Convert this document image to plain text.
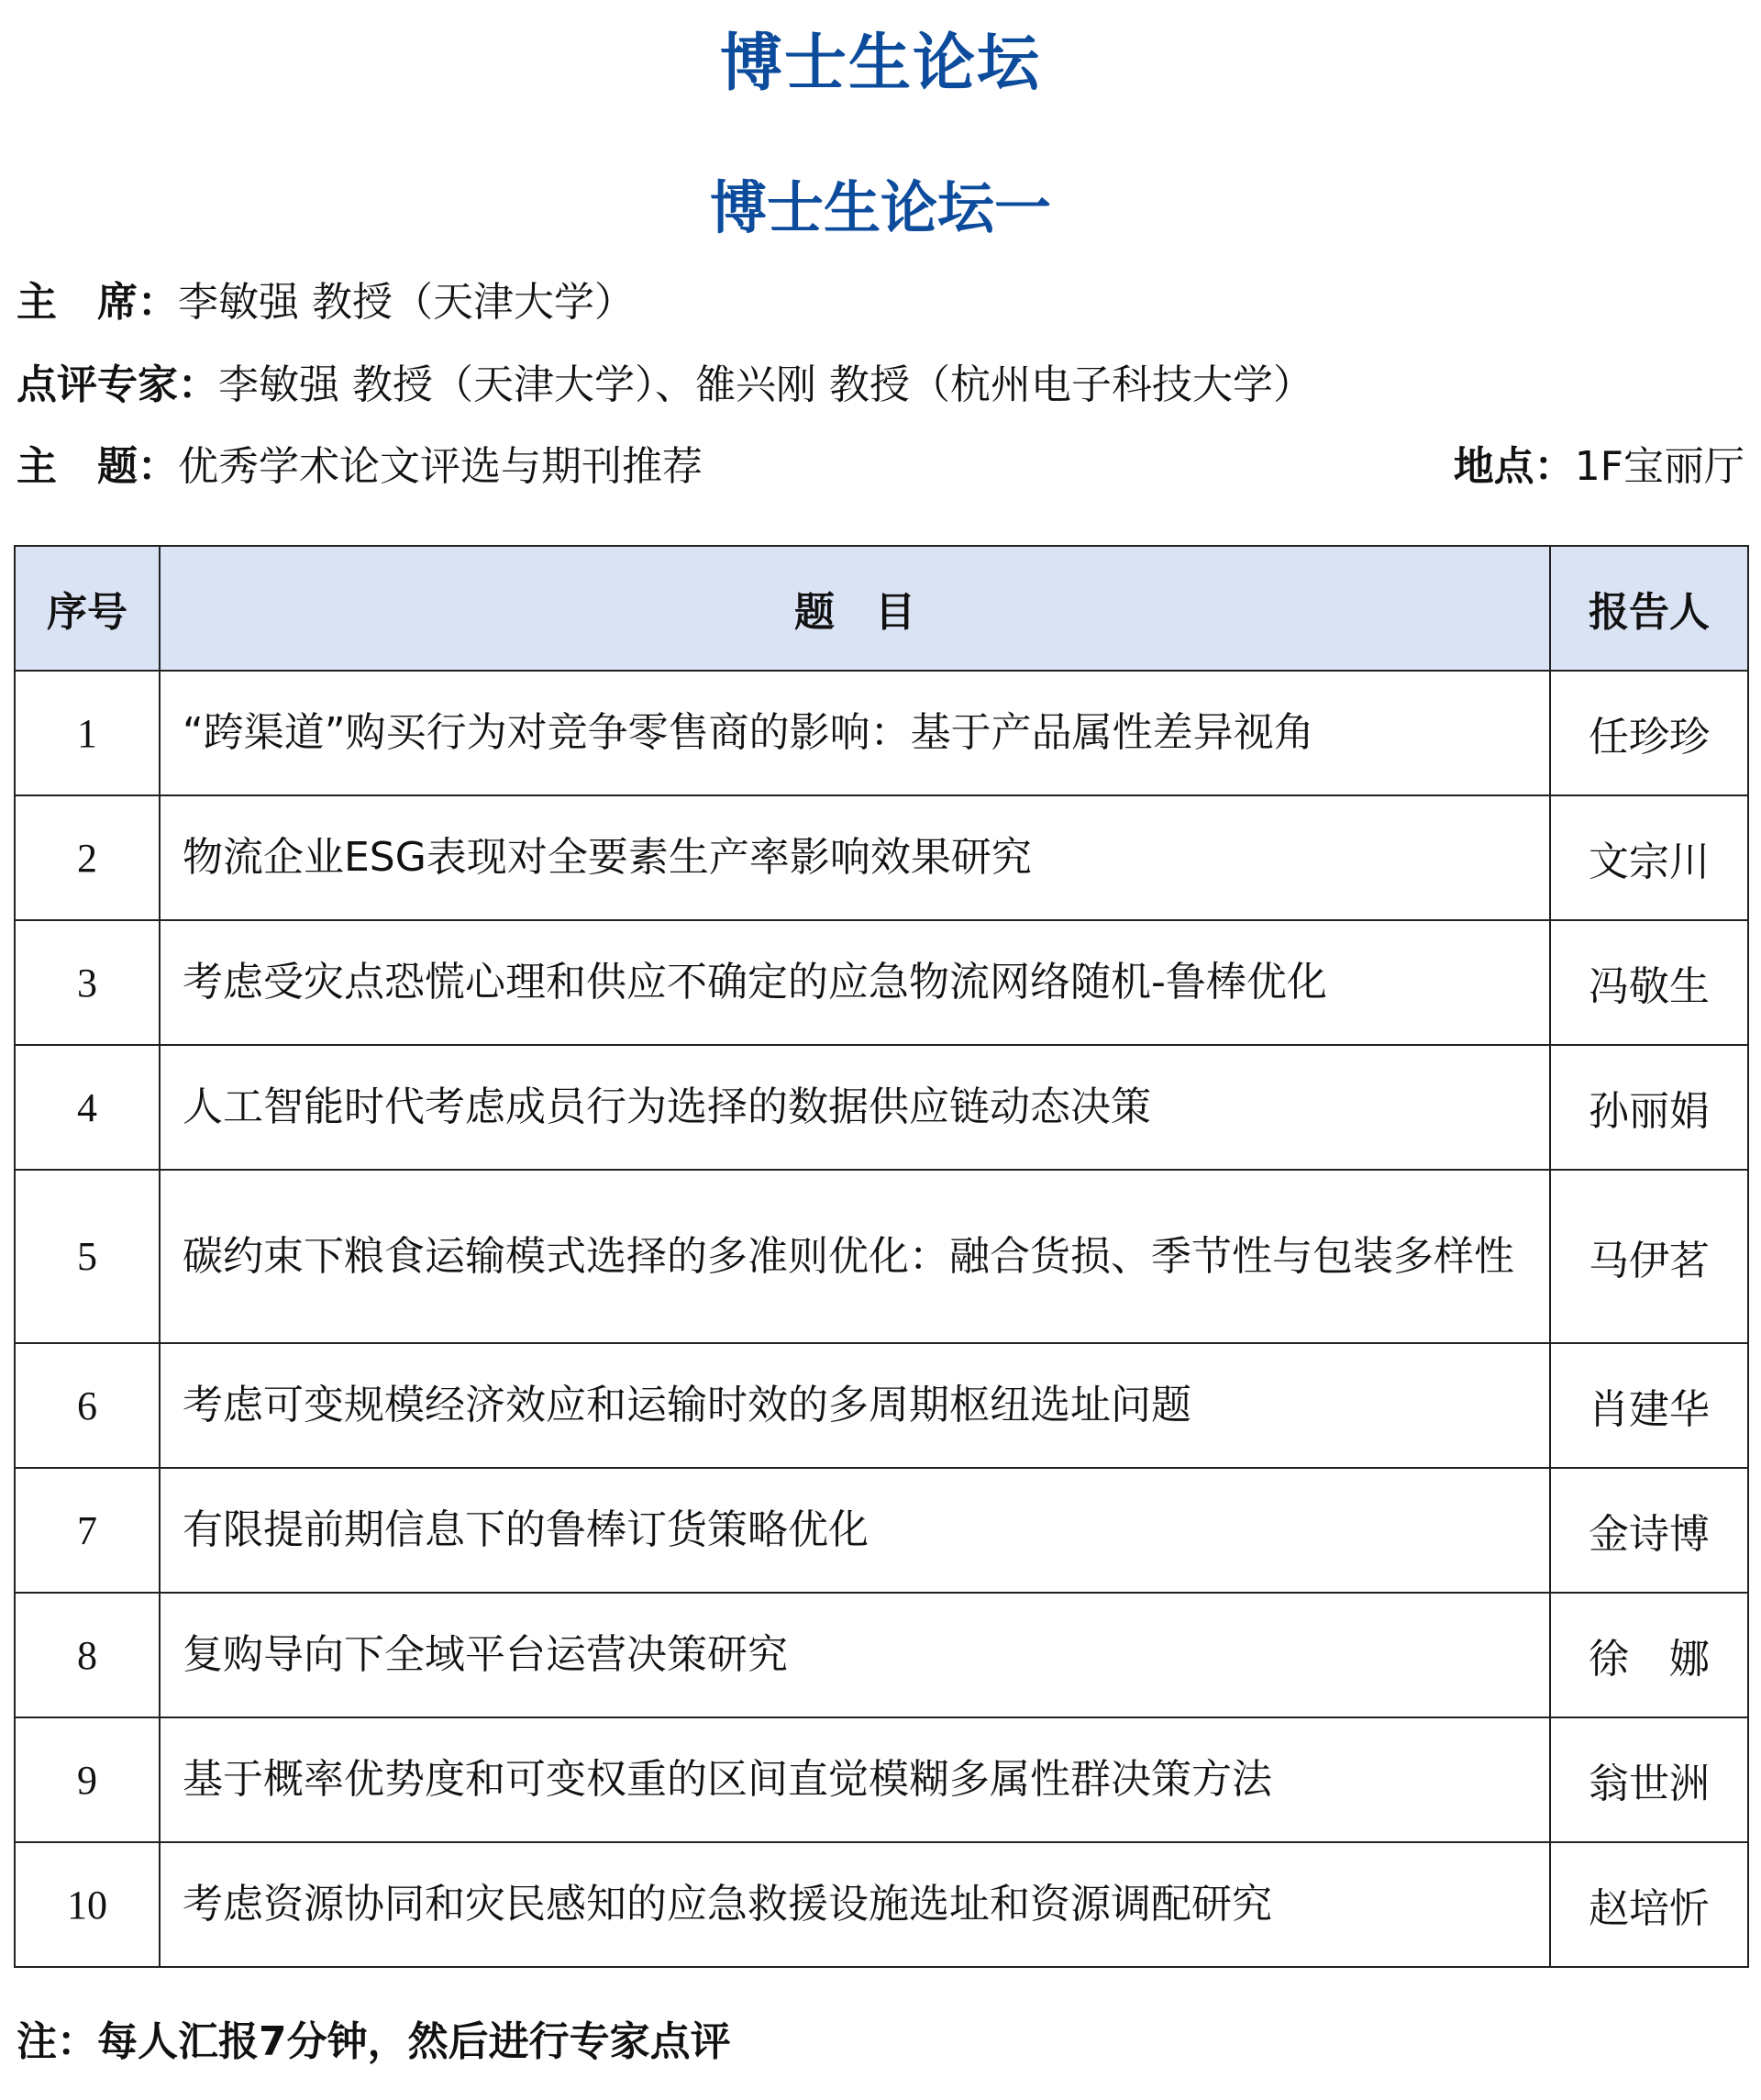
博士生论坛
博士生论坛一
主　席：李敏强 教授（天津大学）
点评专家：李敏强 教授（天津大学）、雒兴刚 教授（杭州电子科技大学）
主　题：优秀学术论文评选与期刊推荐	地点：1F宝丽厅
序号	题　目	报告人
1	“跨渠道”购买行为对竞争零售商的影响：基于产品属性差异视角	任珍珍
2	物流企业ESG表现对全要素生产率影响效果研究	文宗川
3	考虑受灾点恐慌心理和供应不确定的应急物流网络随机-鲁棒优化	冯敬生
4	人工智能时代考虑成员行为选择的数据供应链动态决策	孙丽娟
5	碳约束下粮食运输模式选择的多准则优化：融合货损、季节性与包装多样性	马伊茗
6	考虑可变规模经济效应和运输时效的多周期枢纽选址问题	肖建华
7	有限提前期信息下的鲁棒订货策略优化	金诗博
8	复购导向下全域平台运营决策研究	徐　娜
9	基于概率优势度和可变权重的区间直觉模糊多属性群决策方法	翁世洲
10	考虑资源协同和灾民感知的应急救援设施选址和资源调配研究	赵培忻
注：每人汇报7分钟，然后进行专家点评
